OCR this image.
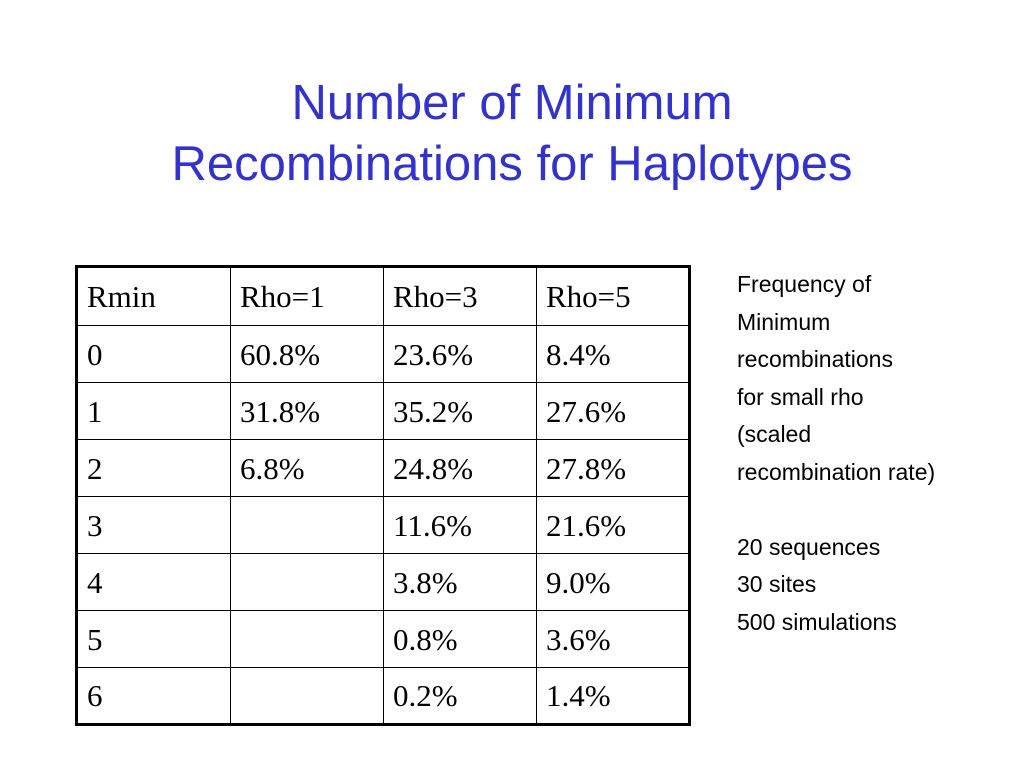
Number of Minimum
Recombinations for Haplotypes
Rmin	Rho=1	Rho=3	Rho=5
0	60.8%	23.6%	8.4%
1	31.8%	35.2%	27.6%
2	6.8%	24.8%	27.8%
3		11.6%	21.6%
4		3.8%	9.0%
5		0.8%	3.6%
6		0.2%	1.4%

Frequency of

Minimum

recombinations

for small rho

(scaled

recombination rate)

20 sequences

30 sites

500 simulations
